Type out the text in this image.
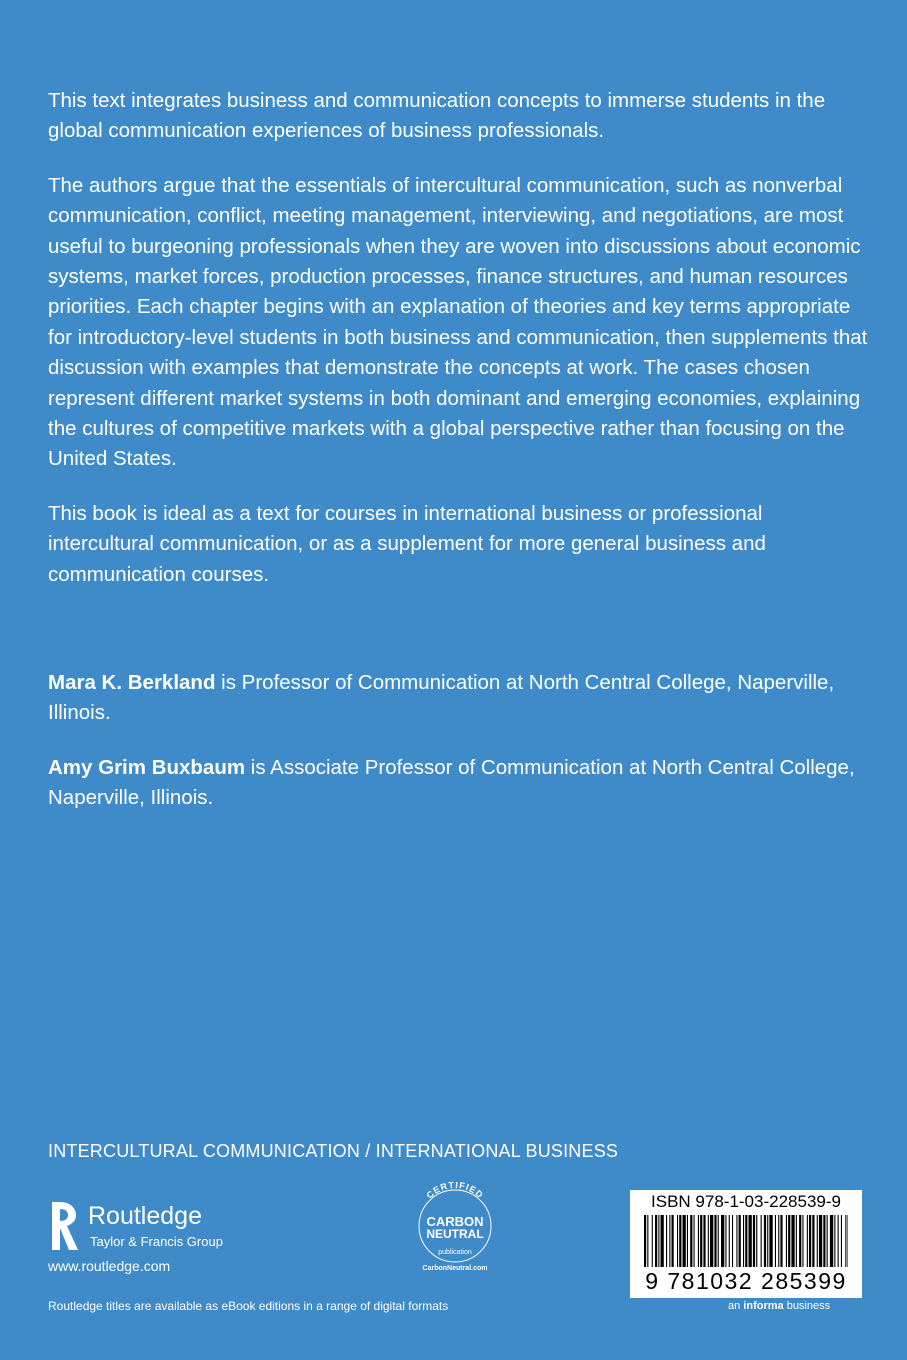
This text integrates business and communication concepts to immerse students in the global communication experiences of business professionals.

The authors argue that the essentials of intercultural communication, such as nonverbal communication, conflict, meeting management, interviewing, and negotiations, are most useful to burgeoning professionals when they are woven into discussions about economic systems, market forces, production processes, finance structures, and human resources priorities. Each chapter begins with an explanation of theories and key terms appropriate for introductory-level students in both business and communication, then supplements that discussion with examples that demonstrate the concepts at work. The cases chosen represent different market systems in both dominant and emerging economies, explaining the cultures of competitive markets with a global perspective rather than focusing on the United States.

This book is ideal as a text for courses in international business or professional intercultural communication, or as a supplement for more general business and communication courses.

Mara K. Berkland is Professor of Communication at North Central College, Naperville, Illinois.

Amy Grim Buxbaum is Associate Professor of Communication at North Central College, Naperville, Illinois.

INTERCULTURAL COMMUNICATION / INTERNATIONAL BUSINESS
ROUTLEDGE
Routledge
Taylor & Francis Group
www.routledge.com
Routledge titles are available as eBook editions in a range of digital formats
CERTIFIED
CARBON
NEUTRAL
publication
CarbonNeutral.com
ISBN 978-1-03-228539-9
9 781032 285399
an informa business
